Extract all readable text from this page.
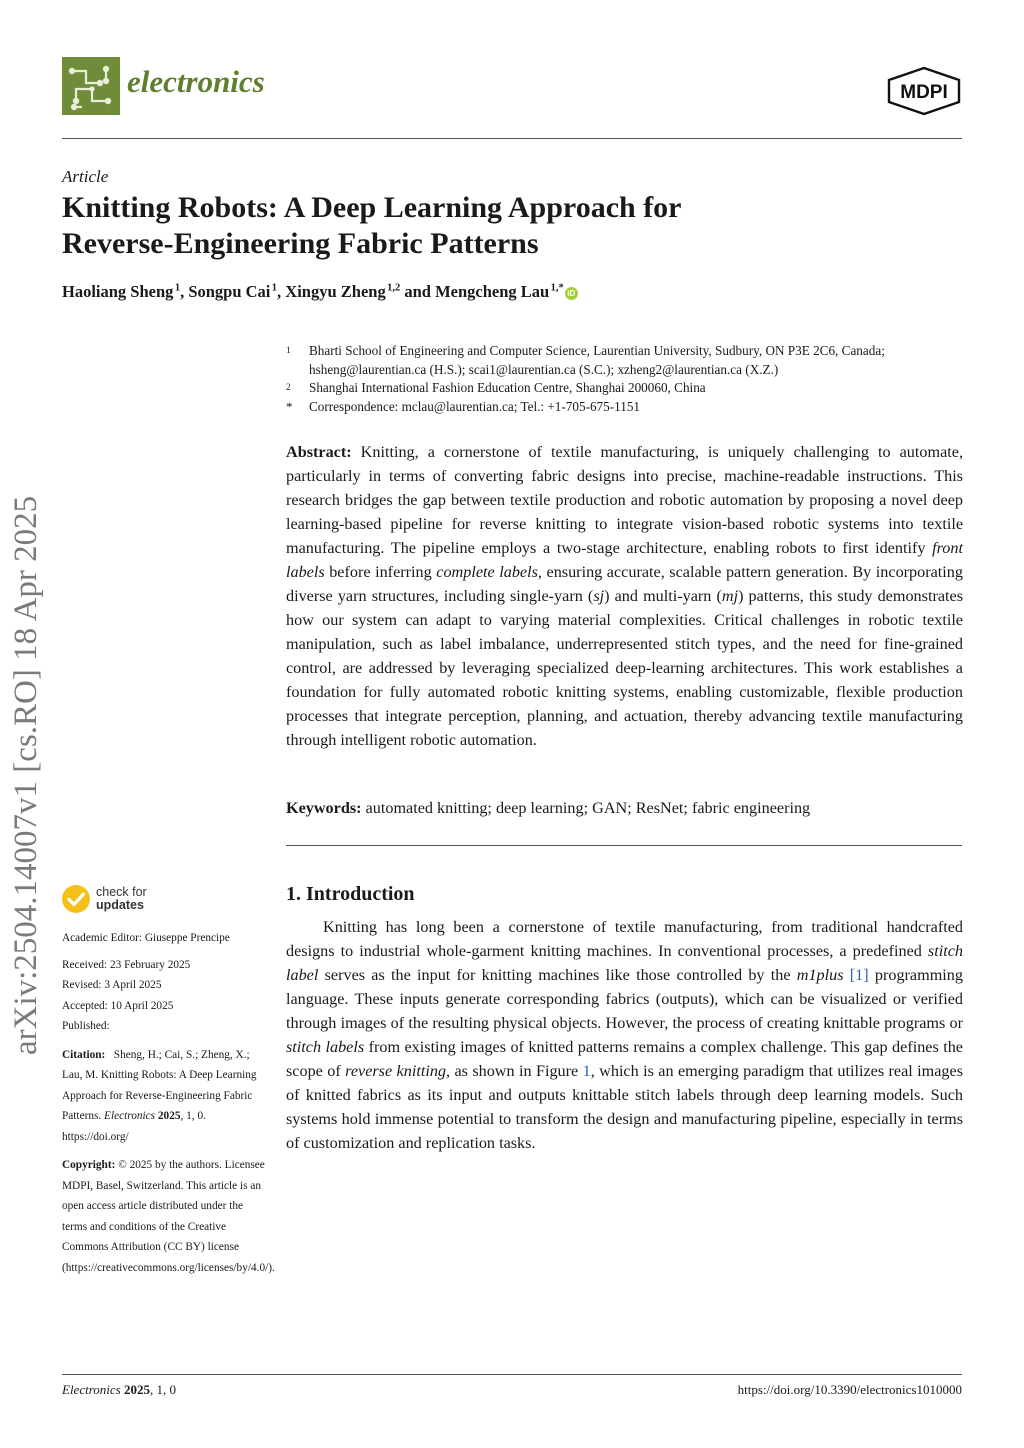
electronics	MDPI
Article
Knitting Robots: A Deep Learning Approach for
Reverse-Engineering Fabric Patterns
Haoliang Sheng $^1$, Songpu Cai $^1$, Xingyu Zheng $^{1,2}$ and Mengcheng Lau $^{1,*}$ iD
1	Bharti School of Engineering and Computer Science, Laurentian University, Sudbury, ON P3E 2C6, Canada;
hsheng@laurentian.ca (H.S.); scai1@laurentian.ca (S.C.); xzheng2@laurentian.ca (X.Z.)
2	Shanghai International Fashion Education Centre, Shanghai 200060, China
*	Correspondence: mclau@laurentian.ca; Tel.: +1-705-675-1151

Abstract: Knitting, a cornerstone of textile manufacturing, is uniquely challenging to automate, particularly in terms of converting fabric designs into precise, machine-readable instructions. This research bridges the gap between textile production and robotic automation by proposing a novel deep learning-based pipeline for reverse knitting to integrate vision-based robotic systems into textile manufacturing. The pipeline employs a two-stage architecture, enabling robots to first identify front labels before inferring complete labels, ensuring accurate, scalable pattern generation. By incorporating diverse yarn structures, including single-yarn (sj) and multi-yarn (mj) patterns, this study demonstrates how our system can adapt to varying material complexities. Critical challenges in robotic textile manipulation, such as label imbalance, underrepresented stitch types, and the need for fine-grained control, are addressed by leveraging specialized deep-learning architectures. This work establishes a foundation for fully automated robotic knitting systems, enabling customizable, flexible production processes that integrate perception, planning, and actuation, thereby advancing textile manufacturing through intelligent robotic automation.

Keywords: automated knitting; deep learning; GAN; ResNet; fabric engineering

1. Introduction

Knitting has long been a cornerstone of textile manufacturing, from traditional handcrafted designs to industrial whole-garment knitting machines. In conventional processes, a predefined stitch label serves as the input for knitting machines like those controlled by the m1plus [1] programming language. These inputs generate corresponding fabrics (outputs), which can be visualized or verified through images of the resulting physical objects. However, the process of creating knittable programs or stitch labels from existing images of knitted patterns remains a complex challenge. This gap defines the scope of reverse knitting, as shown in Figure 1, which is an emerging paradigm that utilizes real images of knitted fabrics as its input and outputs knittable stitch labels through deep learning models. Such systems hold immense potential to transform the design and manufacturing pipeline, especially in terms of customization and replication tasks.

arXiv:2504.14007v1 [cs.RO] 18 Apr 2025	check for
updates

Academic Editor: Giuseppe Prencipe

Received: 23 February 2025

Revised: 3 April 2025

Accepted: 10 April 2025

Published:

Citation: Sheng, H.; Cai, S.; Zheng, X.; Lau, M. Knitting Robots: A Deep Learning Approach for Reverse-Engineering Fabric Patterns. Electronics 2025, 1, 0. https://doi.org/

Copyright: © 2025 by the authors. Licensee MDPI, Basel, Switzerland. This article is an open access article distributed under the terms and conditions of the Creative Commons Attribution (CC BY) license (https://creativecommons.org/licenses/by/4.0/).

Electronics 2025, 1, 0	https://doi.org/10.3390/electronics1010000
